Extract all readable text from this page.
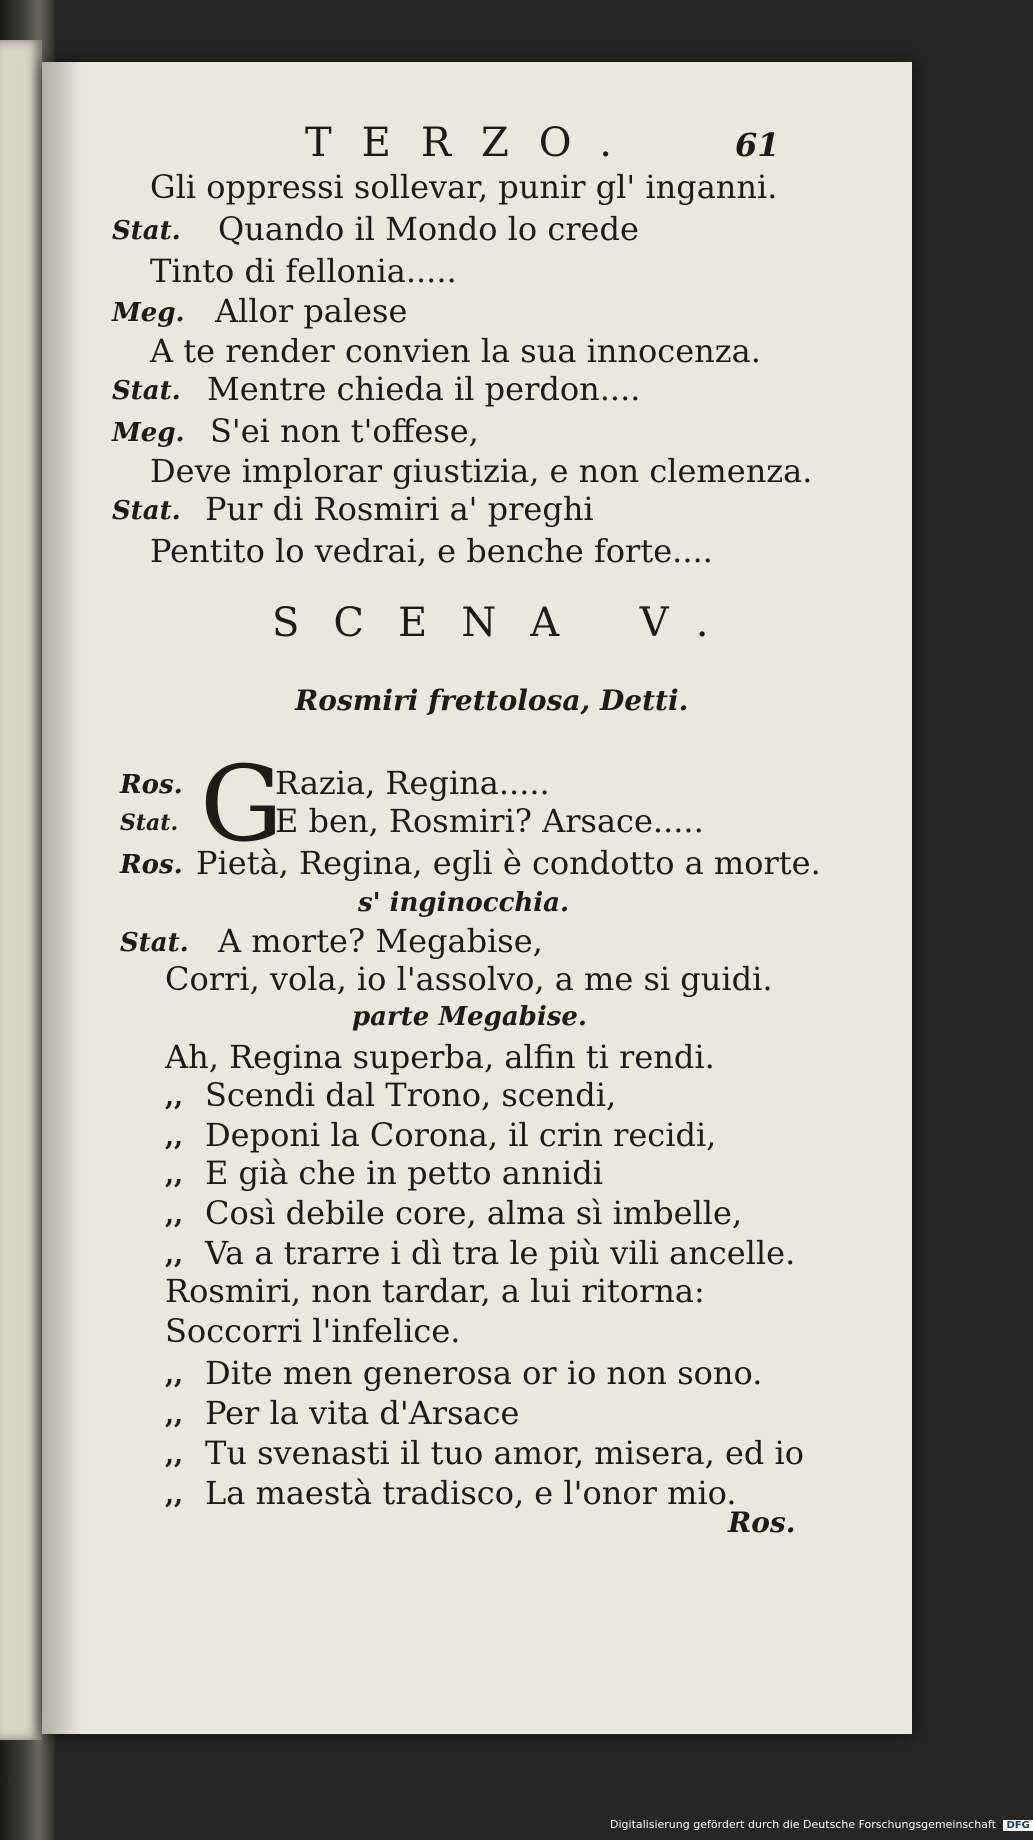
TERZO.	61
Gli oppressi sollevar, punir gl' inganni.
Stat. Quando il Mondo lo crede
Tinto di fellonia.....
Meg. Allor palese
A te render convien la sua innocenza.
Stat. Mentre chieda il perdon....
Meg. S'ei non t'offese,
Deve implorar giustizia, e non clemenza.
Stat. Pur di Rosmiri a' preghi
Pentito lo vedrai, e benche forte....
SCENA V.
Rosmiri frettolosa, Detti.
G
Ros.	Razia, Regina.....
Stat.	E ben, Rosmiri? Arsace.....
Ros. Pietà, Regina, egli è condotto a morte.
s' inginocchia.
Stat. A morte? Megabise,
Corri, vola, io l'assolvo, a me si guidi.
parte Megabise.
Ah, Regina superba, alfin ti rendi.
,, Scendi dal Trono, scendi,
,, Deponi la Corona, il crin recidi,
,, E già che in petto annidi
,, Così debile core, alma sì imbelle,
,, Va a trarre i dì tra le più vili ancelle.
Rosmiri, non tardar, a lui ritorna:
Soccorri l'infelice.
,, Dite men generosa or io non sono.
,, Per la vita d'Arsace
,, Tu svenasti il tuo amor, misera, ed io
,, La maestà tradisco, e l'onor mio.
Ros.
Digitalisierung gefördert durch die Deutsche Forschungsgemeinschaft DFG
